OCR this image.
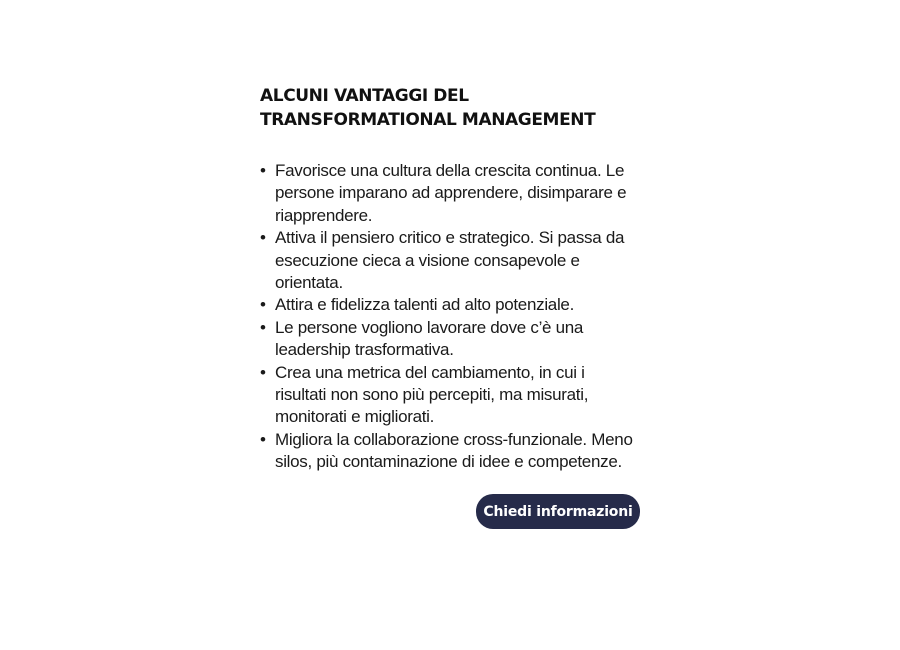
ALCUNI VANTAGGI DEL
TRANSFORMATIONAL MANAGEMENT
• Favorisce una cultura della crescita continua. Le persone imparano ad apprendere, disimparare e riapprendere.
• Attiva il pensiero critico e strategico. Si passa da esecuzione cieca a visione consapevole e orientata.
• Attira e fidelizza talenti ad alto potenziale.
• Le persone vogliono lavorare dove c’è una leadership trasformativa.
• Crea una metrica del cambiamento, in cui i risultati non sono più percepiti, ma misurati, monitorati e migliorati.
• Migliora la collaborazione cross-funzionale. Meno silos, più contaminazione di idee e competenze.
Chiedi informazioni
